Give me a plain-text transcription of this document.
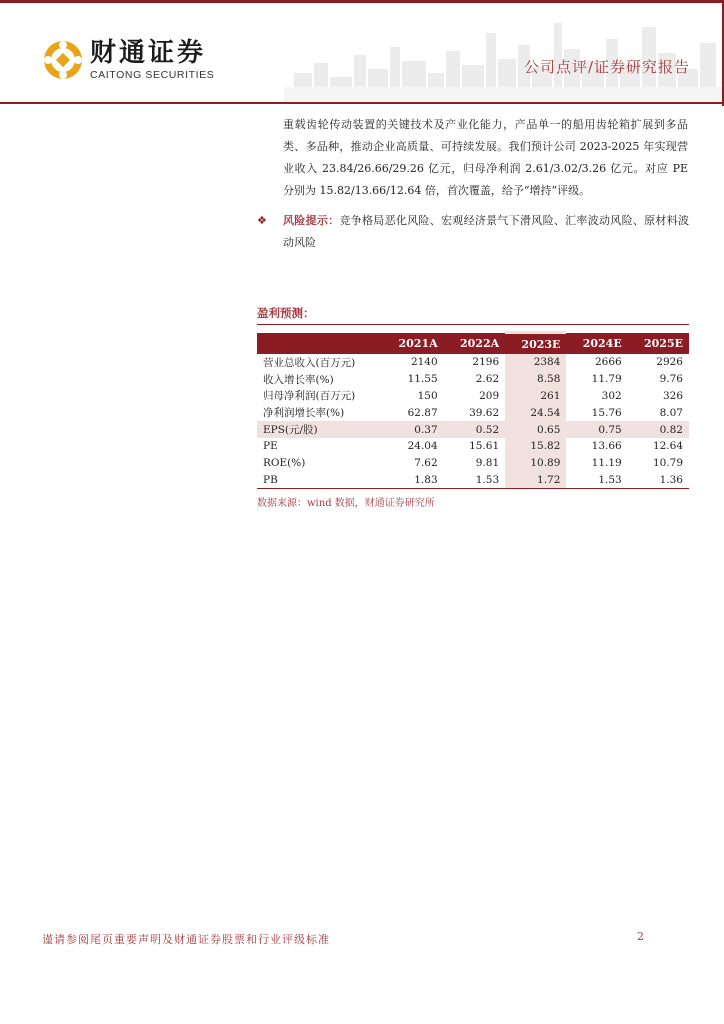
财通证券
CAITONG SECURITIES	公司点评/证券研究报告
重载齿轮传动装置的关键技术及产业化能力，产品单一的船用齿轮箱扩展到多品类、多品种，推动企业高质量、可持续发展。我们预计公司 2023-2025 年实现营业收入 23.84/26.66/29.26 亿元，归母净利润 2.61/3.02/3.26 亿元。对应 PE 分别为 15.82/13.66/12.64 倍，首次覆盖，给予“增持”评级。
❖ 风险提示：竞争格局恶化风险、宏观经济景气下滑风险、汇率波动风险、原材料波动风险
盈利预测：
	2021A	2022A	2023E	2024E	2025E
营业总收入(百万元)	2140	2196	2384	2666	2926
收入增长率(%)	11.55	2.62	8.58	11.79	9.76
归母净利润(百万元)	150	209	261	302	326
净利润增长率(%)	62.87	39.62	24.54	15.76	8.07
EPS(元/股)	0.37	0.52	0.65	0.75	0.82
PE	24.04	15.61	15.82	13.66	12.64
ROE(%)	7.62	9.81	10.89	11.19	10.79
PB	1.83	1.53	1.72	1.53	1.36
数据来源：wind 数据，财通证券研究所
谨请参阅尾页重要声明及财通证券股票和行业评级标准	2
